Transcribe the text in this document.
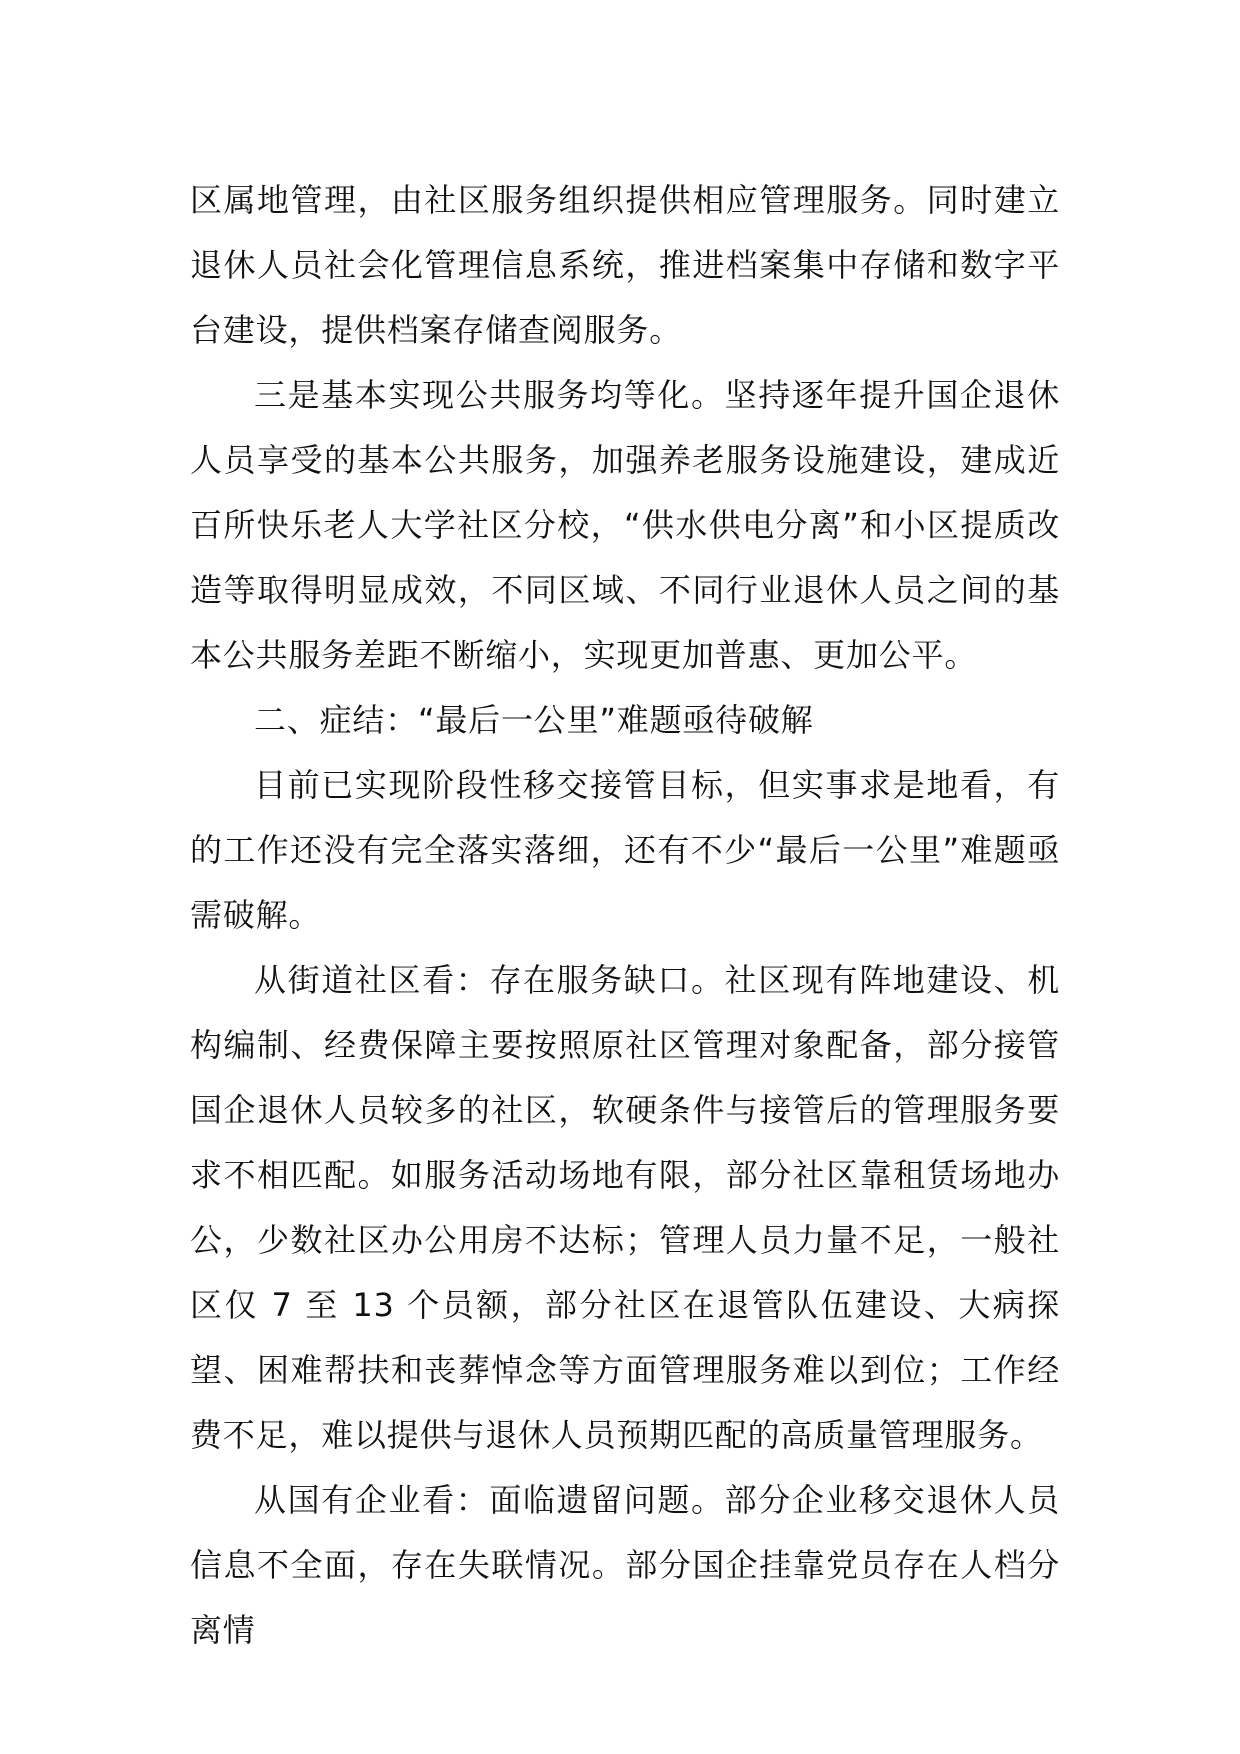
区属地管理，由社区服务组织提供相应管理服务。同时建立退休人员社会化管理信息系统，推进档案集中存储和数字平台建设，提供档案存储查阅服务。

三是基本实现公共服务均等化。坚持逐年提升国企退休人员享受的基本公共服务，加强养老服务设施建设，建成近百所快乐老人大学社区分校，“供水供电分离”和小区提质改造等取得明显成效，不同区域、不同行业退休人员之间的基本公共服务差距不断缩小，实现更加普惠、更加公平。

二、症结：“最后一公里”难题亟待破解

目前已实现阶段性移交接管目标，但实事求是地看，有的工作还没有完全落实落细，还有不少“最后一公里”难题亟需破解。

从街道社区看：存在服务缺口。社区现有阵地建设、机构编制、经费保障主要按照原社区管理对象配备，部分接管国企退休人员较多的社区，软硬条件与接管后的管理服务要求不相匹配。如服务活动场地有限，部分社区靠租赁场地办公，少数社区办公用房不达标；管理人员力量不足，一般社区仅 7 至 13 个员额，部分社区在退管队伍建设、大病探望、困难帮扶和丧葬悼念等方面管理服务难以到位；工作经费不足，难以提供与退休人员预期匹配的高质量管理服务。

从国有企业看：面临遗留问题。部分企业移交退休人员信息不全面，存在失联情况。部分国企挂靠党员存在人档分离情
